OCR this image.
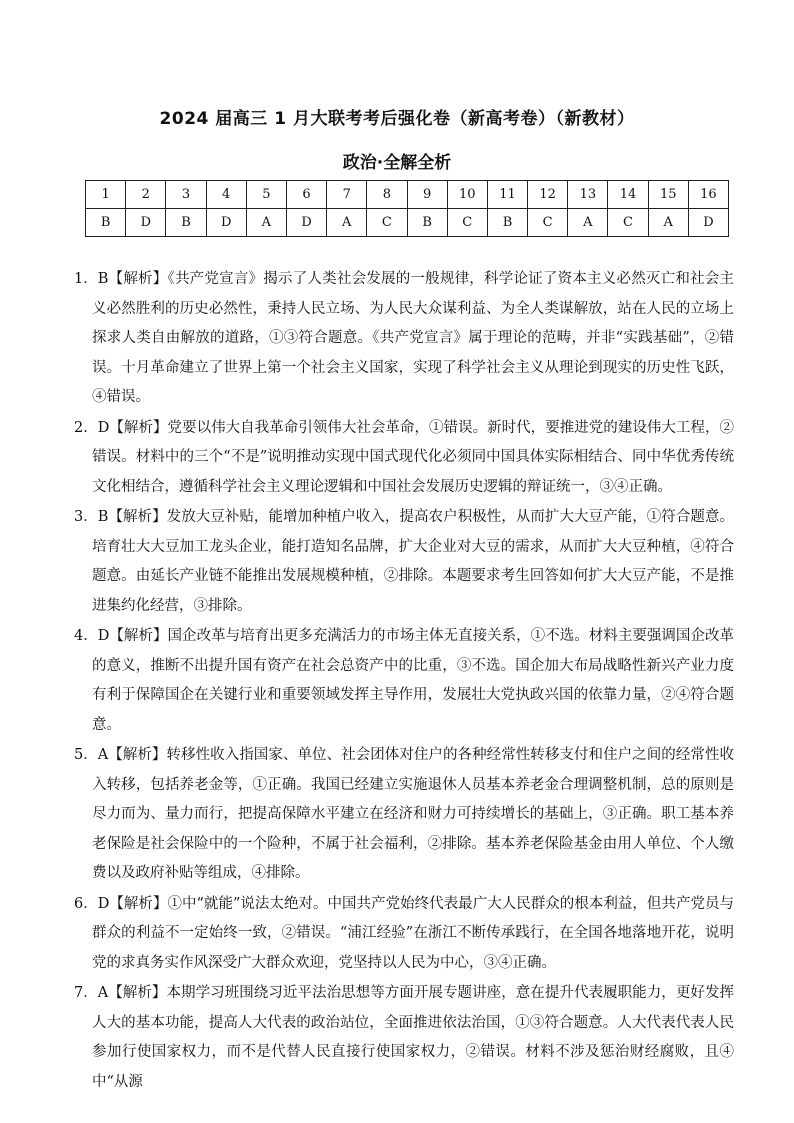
2024 届高三 1 月大联考考后强化卷（新高考卷）（新教材）
政治·全解全析
1	2	3	4	5	6	7	8	9	10	11	12	13	14	15	16
B	D	B	D	A	D	A	C	B	C	B	C	A	C	A	D
1．B【解析】《共产党宣言》揭示了人类社会发展的一般规律，科学论证了资本主义必然灭亡和社会主义必然胜利的历史必然性，秉持人民立场、为人民大众谋利益、为全人类谋解放，站在人民的立场上探求人类自由解放的道路，①③符合题意。《共产党宣言》属于理论的范畴，并非“实践基础”，②错误。十月革命建立了世界上第一个社会主义国家，实现了科学社会主义从理论到现实的历史性飞跃，④错误。
2．D【解析】党要以伟大自我革命引领伟大社会革命，①错误。新时代，要推进党的建设伟大工程，②错误。材料中的三个“不是”说明推动实现中国式现代化必须同中国具体实际相结合、同中华优秀传统文化相结合，遵循科学社会主义理论逻辑和中国社会发展历史逻辑的辩证统一，③④正确。
3．B【解析】发放大豆补贴，能增加种植户收入，提高农户积极性，从而扩大大豆产能，①符合题意。培育壮大大豆加工龙头企业，能打造知名品牌，扩大企业对大豆的需求，从而扩大大豆种植，④符合题意。由延长产业链不能推出发展规模种植，②排除。本题要求考生回答如何扩大大豆产能，不是推进集约化经营，③排除。
4．D【解析】国企改革与培育出更多充满活力的市场主体无直接关系，①不选。材料主要强调国企改革的意义，推断不出提升国有资产在社会总资产中的比重，③不选。国企加大布局战略性新兴产业力度有利于保障国企在关键行业和重要领域发挥主导作用，发展壮大党执政兴国的依靠力量，②④符合题意。
5．A【解析】转移性收入指国家、单位、社会团体对住户的各种经常性转移支付和住户之间的经常性收入转移，包括养老金等，①正确。我国已经建立实施退休人员基本养老金合理调整机制，总的原则是尽力而为、量力而行，把提高保障水平建立在经济和财力可持续增长的基础上，③正确。职工基本养老保险是社会保险中的一个险种，不属于社会福利，②排除。基本养老保险基金由用人单位、个人缴费以及政府补贴等组成，④排除。
6．D【解析】①中“就能”说法太绝对。中国共产党始终代表最广大人民群众的根本利益，但共产党员与群众的利益不一定始终一致，②错误。“浦江经验”在浙江不断传承践行，在全国各地落地开花，说明党的求真务实作风深受广大群众欢迎，党坚持以人民为中心，③④正确。
7．A【解析】本期学习班围绕习近平法治思想等方面开展专题讲座，意在提升代表履职能力，更好发挥人大的基本功能，提高人大代表的政治站位，全面推进依法治国，①③符合题意。人大代表代表人民参加行使国家权力，而不是代替人民直接行使国家权力，②错误。材料不涉及惩治财经腐败，且④中“从源
